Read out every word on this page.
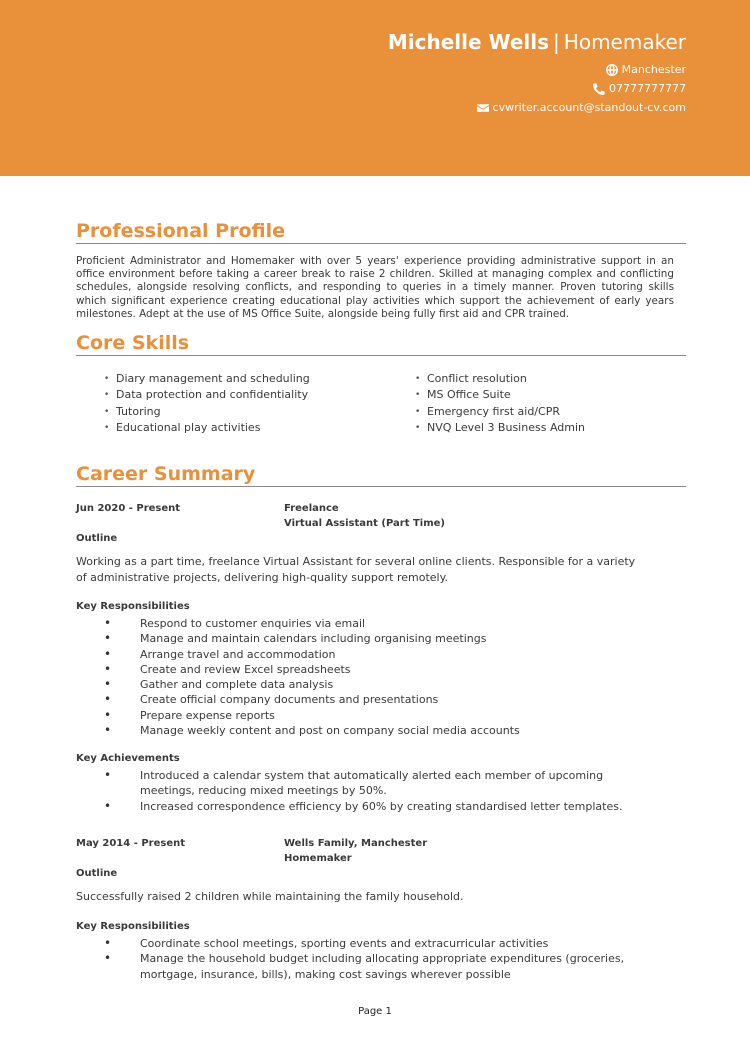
Michelle Wells | Homemaker
Manchester
07777777777
cvwriter.account@standout-cv.com
Professional Profile
Proficient Administrator and Homemaker with over 5 years' experience providing administrative support in an office environment before taking a career break to raise 2 children. Skilled at managing complex and conflicting schedules, alongside resolving conflicts, and responding to queries in a timely manner. Proven tutoring skills which significant experience creating educational play activities which support the achievement of early years milestones. Adept at the use of MS Office Suite, alongside being fully first aid and CPR trained.
Core Skills
• Diary management and scheduling
• Data protection and confidentiality
• Tutoring
• Educational play activities
• Conflict resolution
• MS Office Suite
• Emergency first aid/CPR
• NVQ Level 3 Business Admin
Career Summary
Jun 2020 - Present	Freelance
Virtual Assistant (Part Time)
Outline
Working as a part time, freelance Virtual Assistant for several online clients. Responsible for a variety of administrative projects, delivering high-quality support remotely.
Key Responsibilities
• Respond to customer enquiries via email
• Manage and maintain calendars including organising meetings
• Arrange travel and accommodation
• Create and review Excel spreadsheets
• Gather and complete data analysis
• Create official company documents and presentations
• Prepare expense reports
• Manage weekly content and post on company social media accounts
Key Achievements
• Introduced a calendar system that automatically alerted each member of upcoming meetings, reducing mixed meetings by 50%.
• Increased correspondence efficiency by 60% by creating standardised letter templates.
May 2014 - Present	Wells Family, Manchester
Homemaker
Outline
Successfully raised 2 children while maintaining the family household.
Key Responsibilities
• Coordinate school meetings, sporting events and extracurricular activities
• Manage the household budget including allocating appropriate expenditures (groceries, mortgage, insurance, bills), making cost savings wherever possible
Page 1
